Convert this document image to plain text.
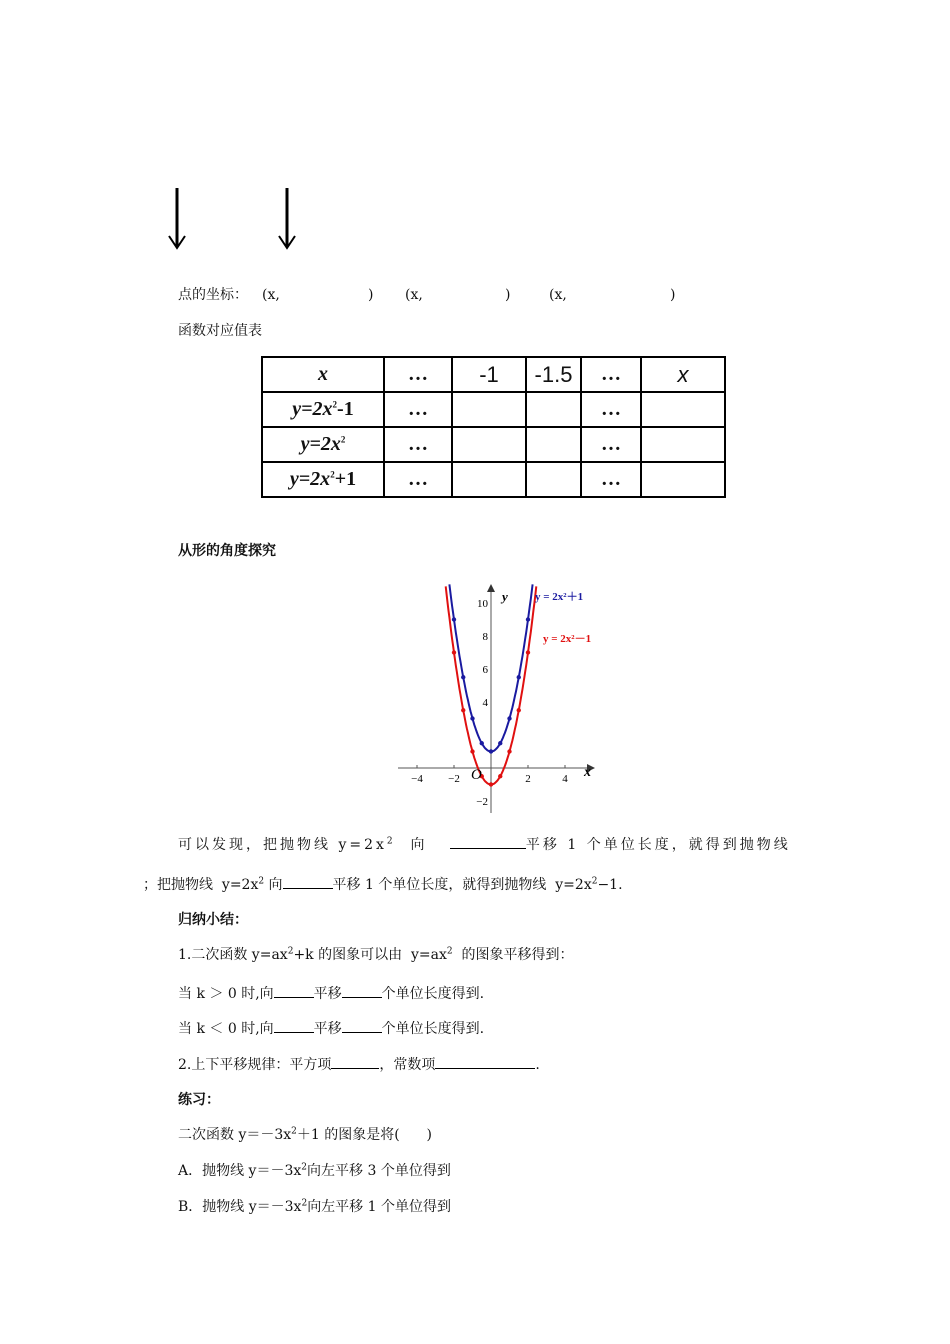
点的坐标： (x,	) (x,	)	(x,	)
函数对应值表
x	…	-1	-1.5	…	x
$y=2x^2-1$	…			…	
$y=2x^2$	…			…	
$y=2x^2+1$	…			…	
从形的角度探究
10
8
6
4
−2
−4 −2	2	4
y
x
O
y = 2x²＋1
y = 2x²－1
可以发现，把抛物线 $y=2x^2$ 向	平移 1 个单位长度，就得到抛物线
；把抛物线 $y=2x^2$ 向	平移 1 个单位长度，就得到抛物线 $y=2x^2-1$.
归纳小结：
1.二次函数 $y=ax^2+k$ 的图象可以由 $y=ax^2$ 的图象平移得到：
当 k ＞ 0 时,向	平移	个单位长度得到.
当 k ＜ 0 时,向	平移	个单位长度得到.
2.上下平移规律：平方项	，常数项	.
练习：
二次函数 $y=-3x^2+1$ 的图象是将( )
A．抛物线 $y=-3x^2$向左平移 3 个单位得到
B．抛物线 $y=-3x^2$向左平移 1 个单位得到
